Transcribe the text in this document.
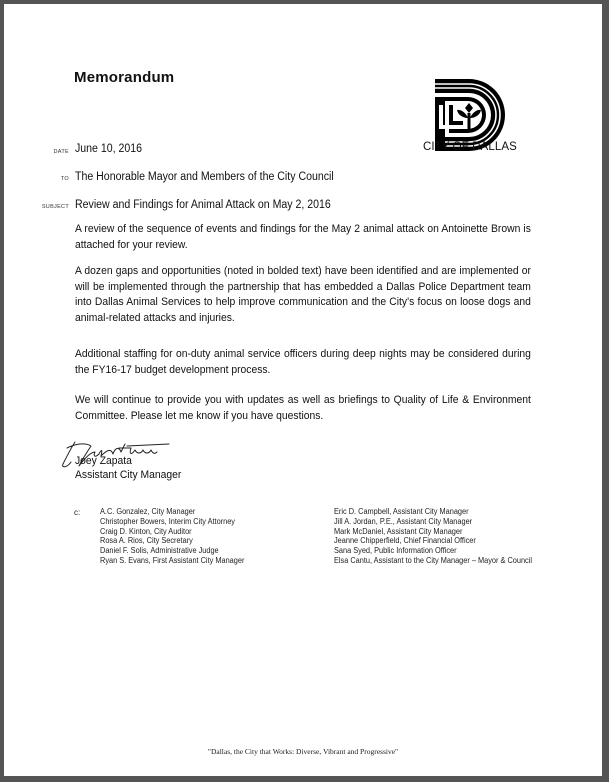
Memorandum
CITY OF DALLAS
DATE June 10, 2016
TO The Honorable Mayor and Members of the City Council
SUBJECT Review and Findings for Animal Attack on May 2, 2016

A review of the sequence of events and findings for the May 2 animal attack on Antoinette Brown is attached for your review.

A dozen gaps and opportunities (noted in bolded text) have been identified and are implemented or will be implemented through the partnership that has embedded a Dallas Police Department team into Dallas Animal Services to help improve communication and the City's focus on loose dogs and animal-related attacks and injuries.

Additional staffing for on-duty animal service officers during deep nights may be considered during the FY16-17 budget development process.

We will continue to provide you with updates as well as briefings to Quality of Life & Environment Committee. Please let me know if you have questions.

Joey Zapata
Assistant City Manager
c: A.C. Gonzalez, City Manager
Christopher Bowers, Interim City Attorney
Craig D. Kinton, City Auditor
Rosa A. Rios, City Secretary
Daniel F. Solis, Administrative Judge
Ryan S. Evans, First Assistant City Manager
Eric D. Campbell, Assistant City Manager
Jill A. Jordan, P.E., Assistant City Manager
Mark McDaniel, Assistant City Manager
Jeanne Chipperfield, Chief Financial Officer
Sana Syed, Public Information Officer
Elsa Cantu, Assistant to the City Manager – Mayor & Council
"Dallas, the City that Works: Diverse, Vibrant and Progressive"
